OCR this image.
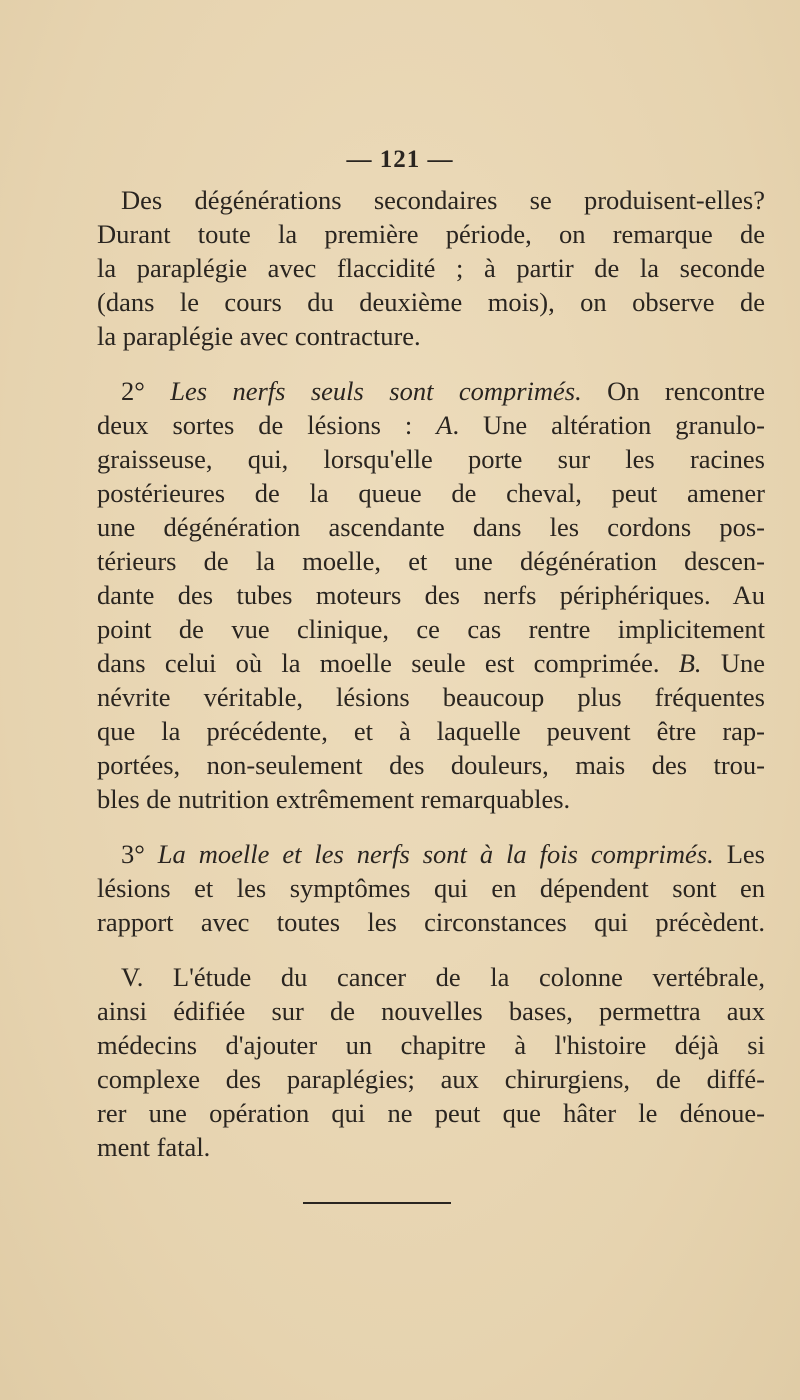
— 121 —
Des dégénérations secondaires se produisent-elles?
Durant toute la première période, on remarque de
la paraplégie avec flaccidité ; à partir de la seconde
(dans le cours du deuxième mois), on observe de
la paraplégie avec contracture.
2° Les nerfs seuls sont comprimés. On rencontre
deux sortes de lésions : A. Une altération granulo-
graisseuse, qui, lorsqu'elle porte sur les racines
postérieures de la queue de cheval, peut amener
une dégénération ascendante dans les cordons pos-
térieurs de la moelle, et une dégénération descen-
dante des tubes moteurs des nerfs périphériques. Au
point de vue clinique, ce cas rentre implicitement
dans celui où la moelle seule est comprimée. B. Une
névrite véritable, lésions beaucoup plus fréquentes
que la précédente, et à laquelle peuvent être rap-
portées, non-seulement des douleurs, mais des trou-
bles de nutrition extrêmement remarquables.
3° La moelle et les nerfs sont à la fois comprimés. Les
lésions et les symptômes qui en dépendent sont en
rapport avec toutes les circonstances qui précèdent.
V. L'étude du cancer de la colonne vertébrale,
ainsi édifiée sur de nouvelles bases, permettra aux
médecins d'ajouter un chapitre à l'histoire déjà si
complexe des paraplégies; aux chirurgiens, de diffé-
rer une opération qui ne peut que hâter le dénoue-
ment fatal.
